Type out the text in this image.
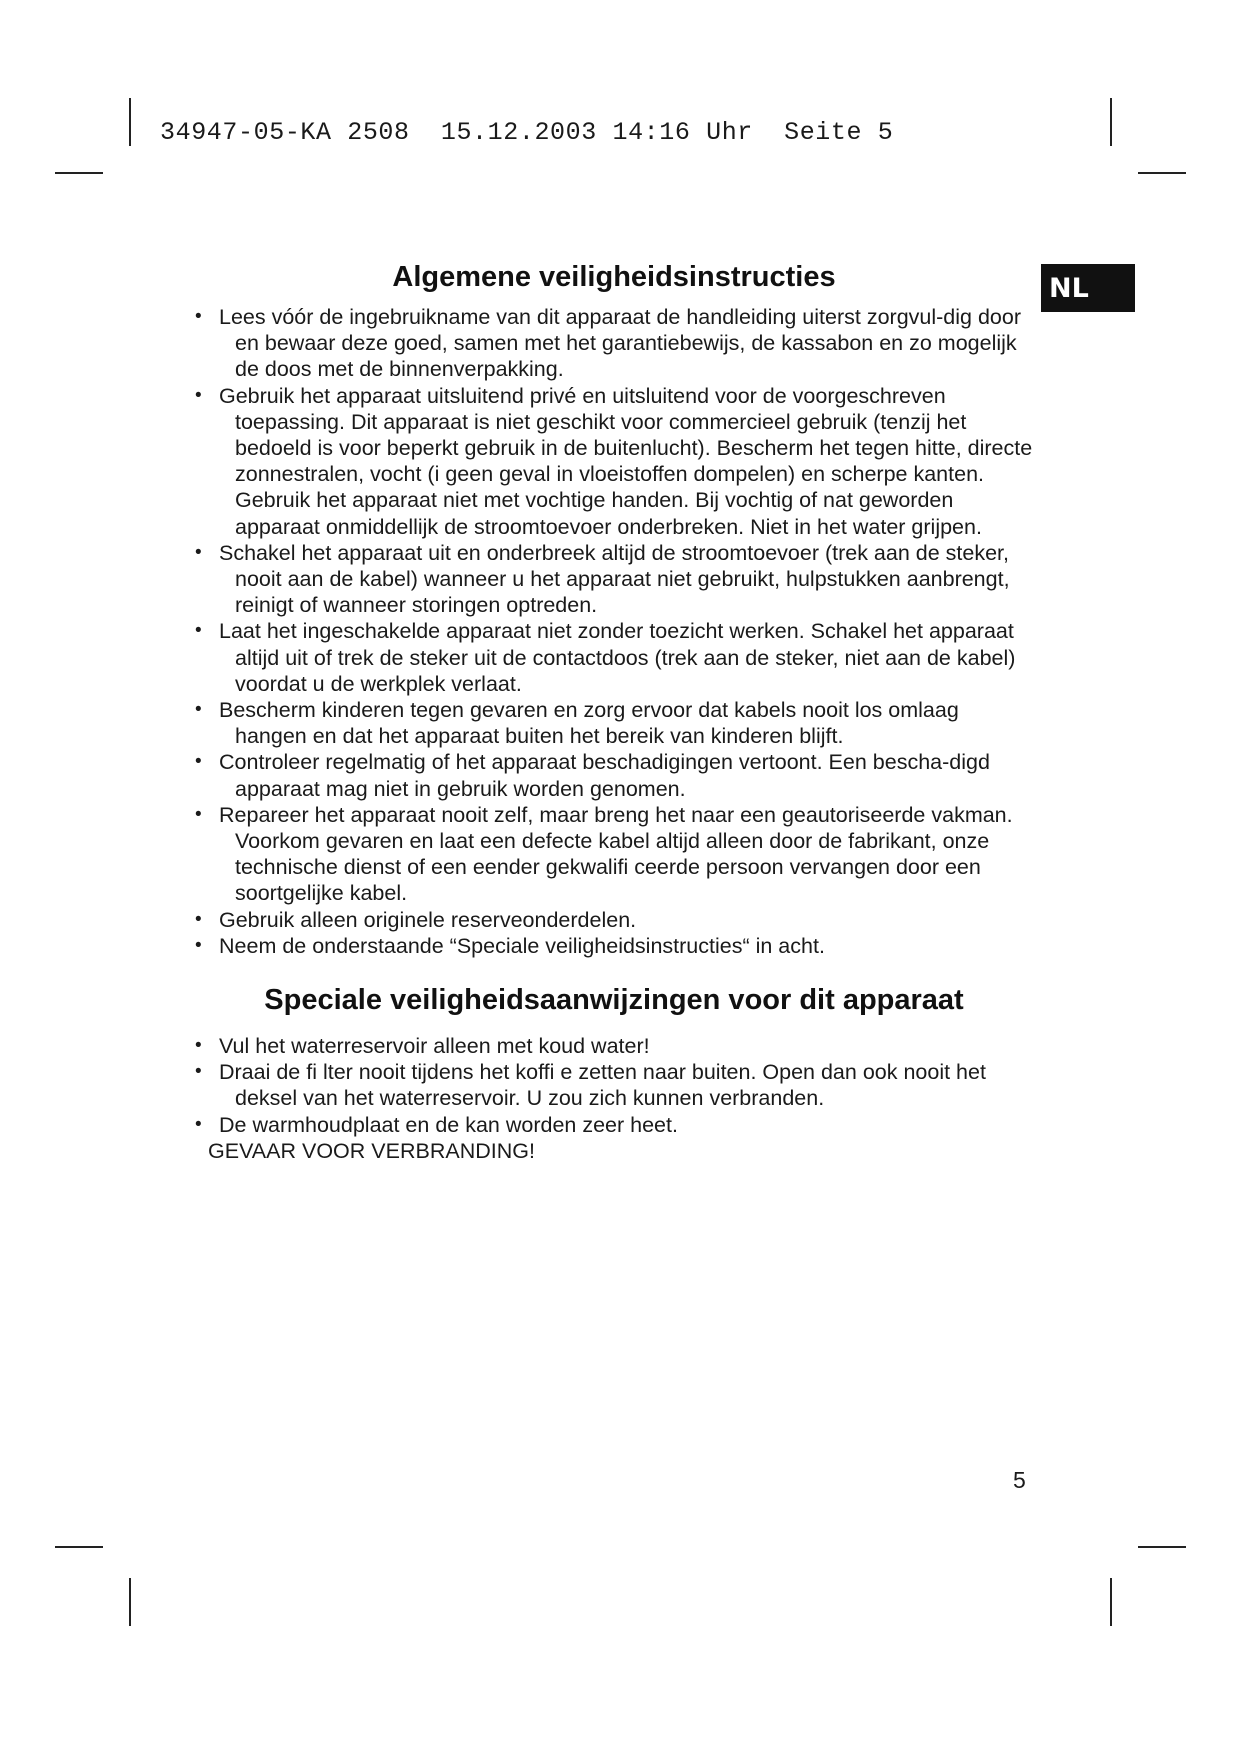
34947-05-KA 2508  15.12.2003 14:16 Uhr  Seite 5
NL
Algemene veiligheidsinstructies
• Lees vóór de ingebruikname van dit apparaat de handleiding uiterst zorgvul-dig door en bewaar deze goed, samen met het garantiebewijs, de kassabon en zo mogelijk de doos met de binnenverpakking.
• Gebruik het apparaat uitsluitend privé en uitsluitend voor de voorgeschreven toepassing. Dit apparaat is niet geschikt voor commercieel gebruik (tenzij het bedoeld is voor beperkt gebruik in de buitenlucht). Bescherm het tegen hitte, directe zonnestralen, vocht (i geen geval in vloeistoffen dompelen) en scherpe kanten. Gebruik het apparaat niet met vochtige handen. Bij vochtig of nat geworden apparaat onmiddellijk de stroomtoevoer onderbreken. Niet in het water grijpen.
• Schakel het apparaat uit en onderbreek altijd de stroomtoevoer (trek aan de steker, nooit aan de kabel) wanneer u het apparaat niet gebruikt, hulpstukken aanbrengt, reinigt of wanneer storingen optreden.
• Laat het ingeschakelde apparaat niet zonder toezicht werken. Schakel het apparaat altijd uit of trek de steker uit de contactdoos (trek aan de steker, niet aan de kabel) voordat u de werkplek verlaat.
• Bescherm kinderen tegen gevaren en zorg ervoor dat kabels nooit los omlaag hangen en dat het apparaat buiten het bereik van kinderen blijft.
• Controleer regelmatig of het apparaat beschadigingen vertoont. Een bescha-digd apparaat mag niet in gebruik worden genomen.
• Repareer het apparaat nooit zelf, maar breng het naar een geautoriseerde vakman. Voorkom gevaren en laat een defecte kabel altijd alleen door de fabrikant, onze technische dienst of een eender gekwalifi ceerde persoon vervangen door een soortgelijke kabel.
• Gebruik alleen originele reserveonderdelen.
• Neem de onderstaande “Speciale veiligheidsinstructies“ in acht.
Speciale veiligheidsaanwijzingen voor dit apparaat
• Vul het waterreservoir alleen met koud water!
• Draai de fi lter nooit tijdens het koffi e zetten naar buiten. Open dan ook nooit het deksel van het waterreservoir. U zou zich kunnen verbranden.
• De warmhoudplaat en de kan worden zeer heet.
GEVAAR VOOR VERBRANDING!
5
